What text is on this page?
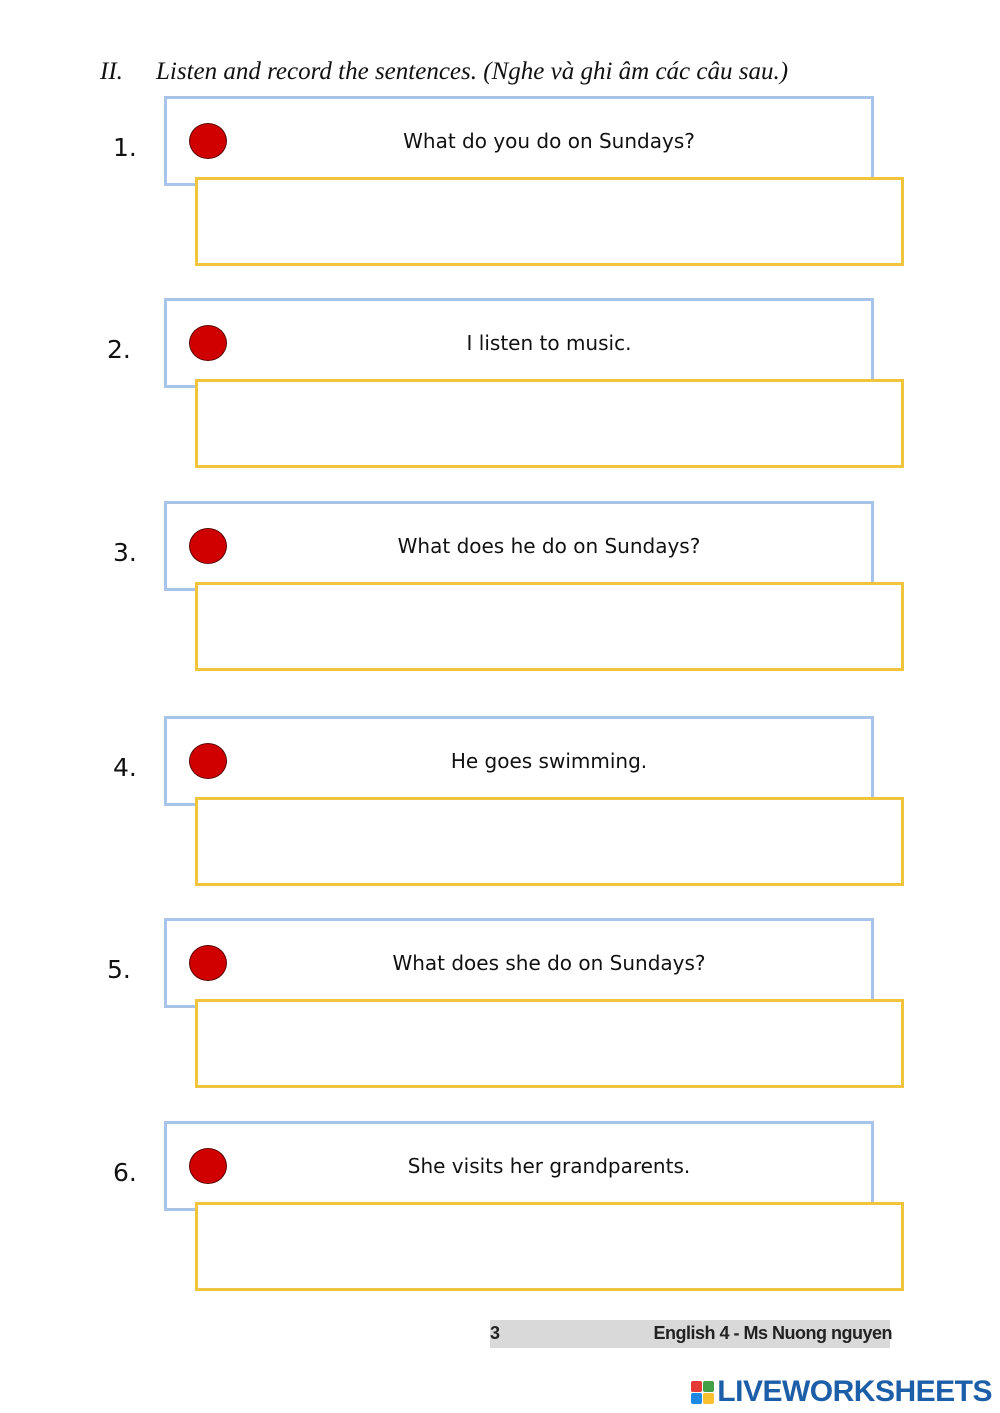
II. Listen and record the sentences. (Nghe và ghi âm các câu sau.)
1.	What do you do on Sundays?
2.	I listen to music.
3.	What does he do on Sundays?
4.	He goes swimming.
5.	What does she do on Sundays?
6.	She visits her grandparents.
3	English 4 - Ms Nuong nguyen
LIVEWORKSHEETS
